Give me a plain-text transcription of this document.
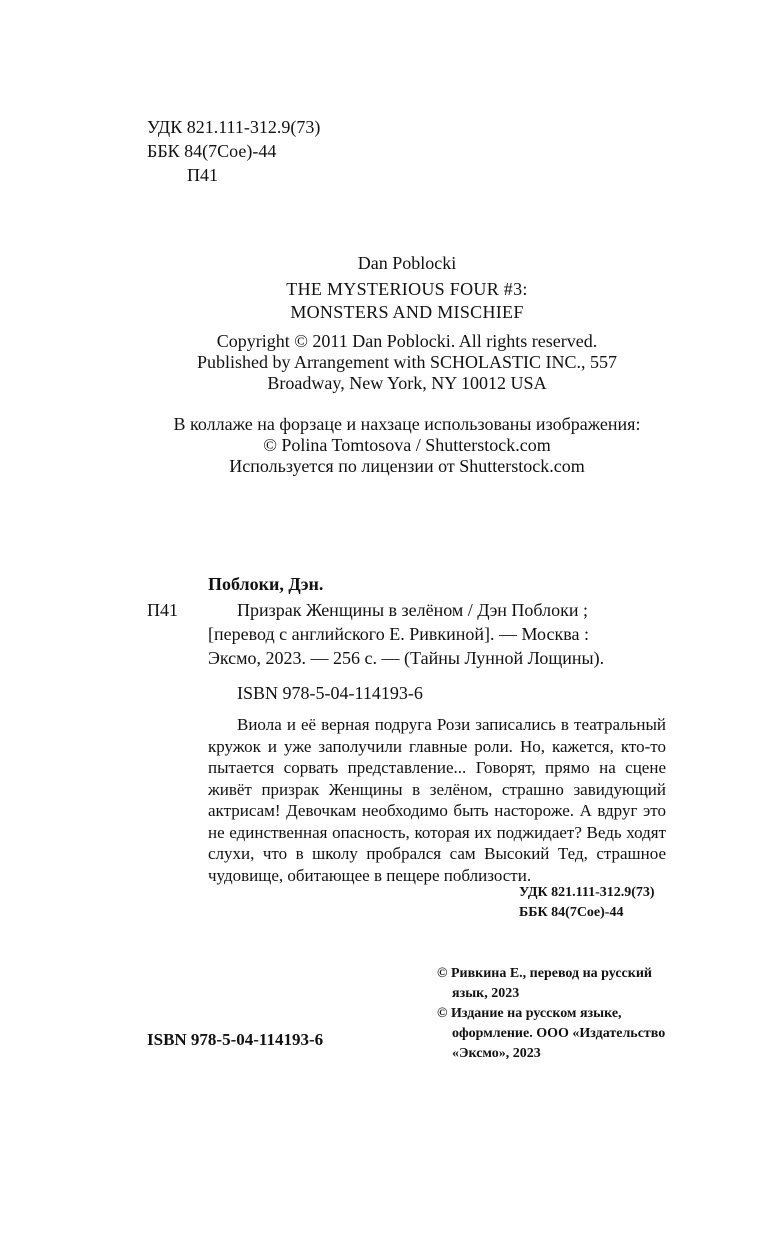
УДК 821.111-312.9(73)
ББК 84(7Сое)-44
П41
Dan Poblocki
THE MYSTERIOUS FOUR #3:
MONSTERS AND MISCHIEF
Copyright © 2011 Dan Poblocki. All rights reserved.
Published by Arrangement with SCHOLASTIC INC., 557
Broadway, New York, NY 10012 USA
В коллаже на форзаце и нахзаце использованы изображения:
© Polina Tomtosova / Shutterstock.com
Используется по лицензии от Shutterstock.com
Поблоки, Дэн.
П41	Призрак Женщины в зелёном / Дэн Поблоки ;
[перевод с английского Е. Ривкиной]. — Москва :
Эксмо, 2023. — 256 с. — (Тайны Лунной Лощины).
ISBN 978-5-04-114193-6
Виола и её верная подруга Рози записались в театральный кружок и уже заполучили главные роли. Но, кажется, кто-то пытается сорвать представление... Говорят, прямо на сцене живёт призрак Женщины в зелёном, страшно завидующий актрисам! Девочкам необходимо быть настороже. А вдруг это не единственная опасность, которая их поджидает? Ведь ходят слухи, что в школу пробрался сам Высокий Тед, страшное чудовище, обитающее в пещере поблизости.
УДК 821.111-312.9(73)
ББК 84(7Сое)-44
ISBN 978-5-04-114193-6
© Ривкина Е., перевод на русский
язык, 2023
© Издание на русском языке,
оформление. ООО «Издательство
«Эксмо», 2023
